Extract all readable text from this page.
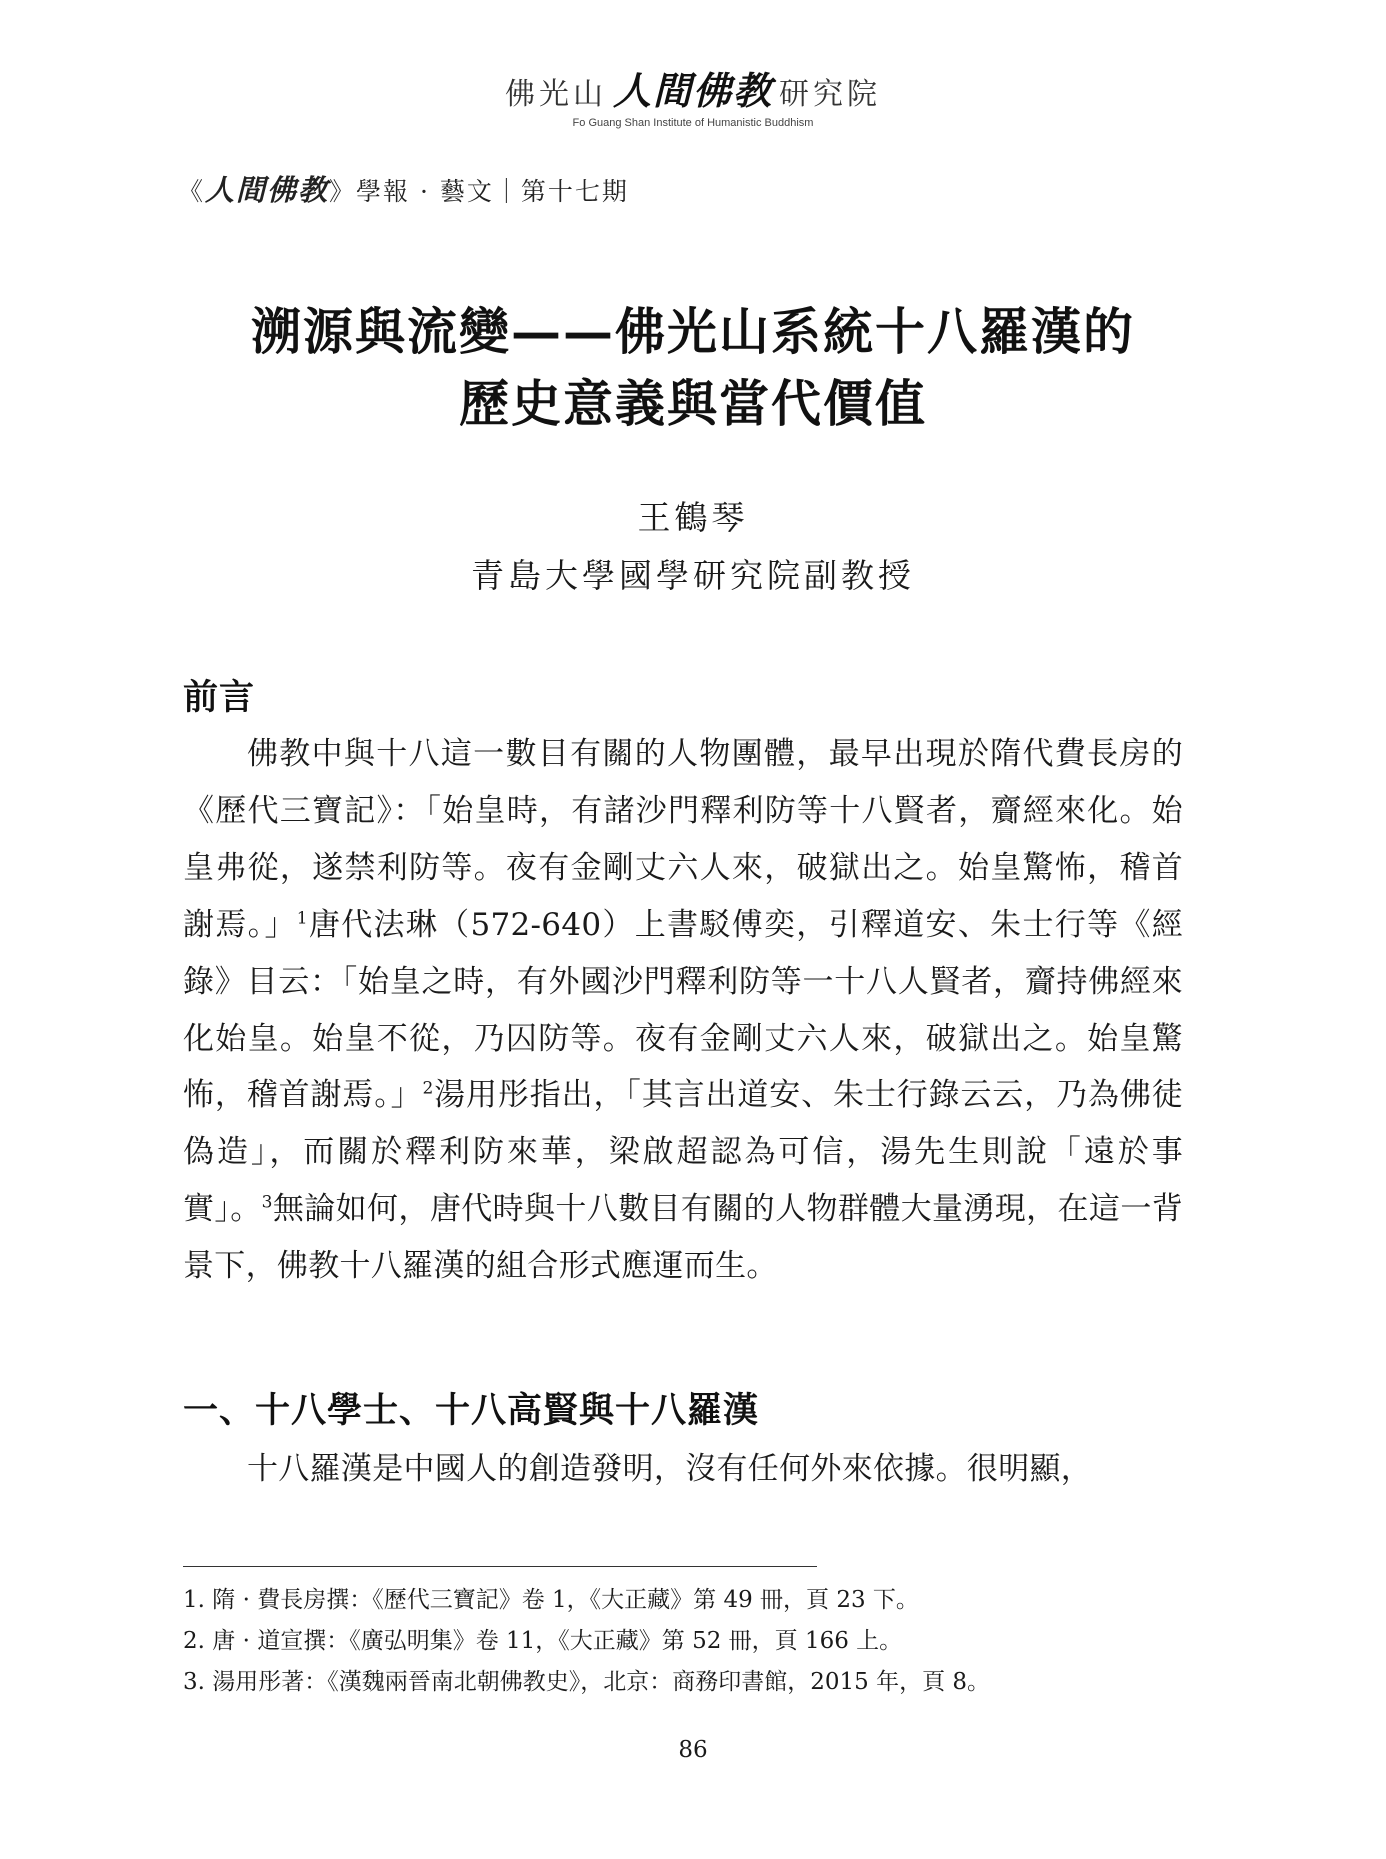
佛光山 人間佛教 研究院
Fo Guang Shan Institute of Humanistic Buddhism
《人間佛教》學報 · 藝文｜第十七期
溯源與流變——佛光山系統十八羅漢的
歷史意義與當代價值
王鶴琴
青島大學國學研究院副教授
前言

佛教中與十八這一數目有關的人物團體，最早出現於隋代費長房的《歷代三寶記》：「始皇時，有諸沙門釋利防等十八賢者，齎經來化。始皇弗從，遂禁利防等。夜有金剛丈六人來，破獄出之。始皇驚怖，稽首謝焉。」$^1$唐代法琳（572-640）上書駁傅奕，引釋道安、朱士行等《經錄》目云：「始皇之時，有外國沙門釋利防等一十八人賢者，齎持佛經來化始皇。始皇不從，乃囚防等。夜有金剛丈六人來，破獄出之。始皇驚怖，稽首謝焉。」$^2$湯用彤指出，「其言出道安、朱士行錄云云，乃為佛徒偽造」，而關於釋利防來華，梁啟超認為可信，湯先生則說「遠於事實」。$^3$無論如何，唐代時與十八數目有關的人物群體大量湧現，在這一背景下，佛教十八羅漢的組合形式應運而生。

一、十八學士、十八高賢與十八羅漢

十八羅漢是中國人的創造發明，沒有任何外來依據。很明顯，

1. 隋 · 費長房撰：《歷代三寶記》卷 1，《大正藏》第 49 冊，頁 23 下。
2. 唐 · 道宣撰：《廣弘明集》卷 11，《大正藏》第 52 冊，頁 166 上。
3. 湯用彤著：《漢魏兩晉南北朝佛教史》，北京：商務印書館，2015 年，頁 8。
86
